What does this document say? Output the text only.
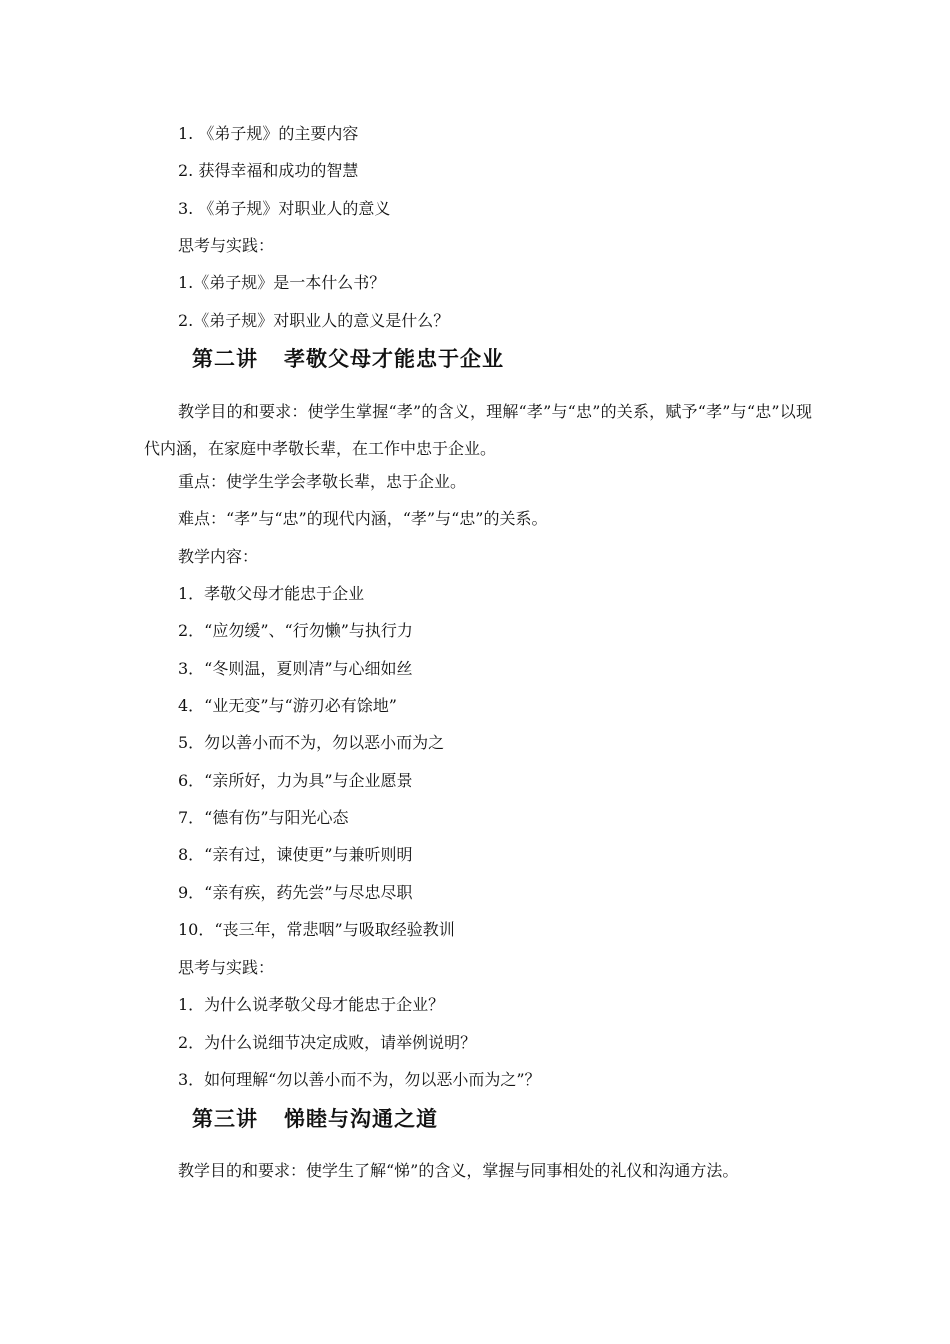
1. 《弟子规》的主要内容

2. 获得幸福和成功的智慧

3. 《弟子规》对职业人的意义

思考与实践：

1.《弟子规》是一本什么书？

2.《弟子规》对职业人的意义是什么？

第二讲 孝敬父母才能忠于企业

教学目的和要求：使学生掌握“孝”的含义，理解“孝”与“忠”的关系，赋予“孝”与“忠”以现代内涵，在家庭中孝敬长辈，在工作中忠于企业。

重点：使学生学会孝敬长辈，忠于企业。

难点：“孝”与“忠”的现代内涵，“孝”与“忠”的关系。

教学内容：

1．孝敬父母才能忠于企业

2．“应勿缓”、“行勿懒”与执行力

3．“冬则温，夏则凊”与心细如丝

4．“业无变”与“游刃必有馀地”

5．勿以善小而不为，勿以恶小而为之

6．“亲所好，力为具”与企业愿景

7．“德有伤”与阳光心态

8．“亲有过，谏使更”与兼听则明

9．“亲有疾，药先尝”与尽忠尽职

10．“丧三年，常悲咽”与吸取经验教训

思考与实践：

1．为什么说孝敬父母才能忠于企业？

2．为什么说细节决定成败，请举例说明？

3．如何理解“勿以善小而不为，勿以恶小而为之”？

第三讲 悌睦与沟通之道

教学目的和要求：使学生了解“悌”的含义，掌握与同事相处的礼仪和沟通方法。
